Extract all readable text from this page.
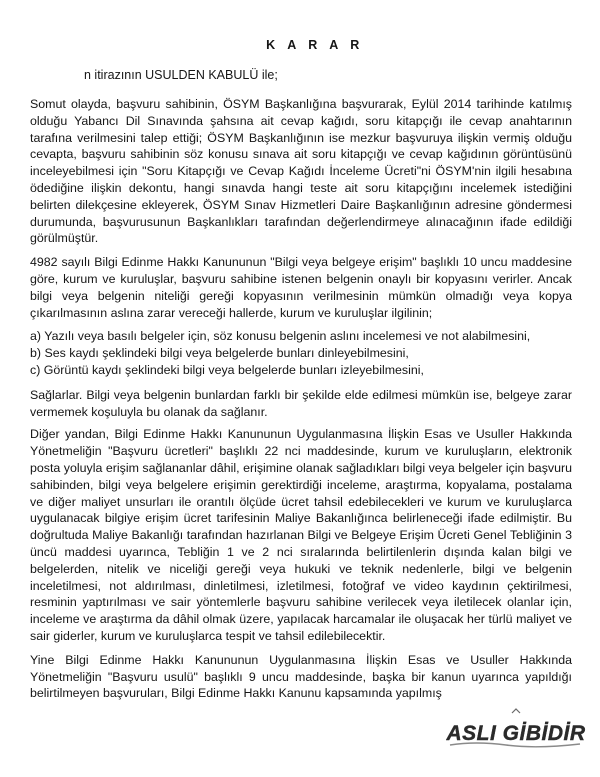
K A R A R
n itirazının USULDEN KABULÜ ile;

Somut olayda, başvuru sahibinin, ÖSYM Başkanlığına başvurarak, Eylül 2014 tarihinde katılmış olduğu Yabancı Dil Sınavında şahsına ait cevap kağıdı, soru kitapçığı ile cevap anahtarının tarafına verilmesini talep ettiği; ÖSYM Başkanlığının ise mezkur başvuruya ilişkin vermiş olduğu cevapta, başvuru sahibinin söz konusu sınava ait soru kitapçığı ve cevap kağıdının görüntüsünü inceleyebilmesi için "Soru Kitapçığı ve Cevap Kağıdı İnceleme Ücreti"ni ÖSYM'nin ilgili hesabına ödediğine ilişkin dekontu, hangi sınavda hangi teste ait soru kitapçığını incelemek istediğini belirten dilekçesine ekleyerek, ÖSYM Sınav Hizmetleri Daire Başkanlığının adresine göndermesi durumunda, başvurusunun Başkanlıkları tarafından değerlendirmeye alınacağının ifade edildiği görülmüştür.

4982 sayılı Bilgi Edinme Hakkı Kanununun "Bilgi veya belgeye erişim" başlıklı 10 uncu maddesine göre, kurum ve kuruluşlar, başvuru sahibine istenen belgenin onaylı bir kopyasını verirler. Ancak bilgi veya belgenin niteliği gereği kopyasının verilmesinin mümkün olmadığı veya kopya çıkarılmasının aslına zarar vereceği hallerde, kurum ve kuruluşlar ilgilinin;

a) Yazılı veya basılı belgeler için, söz konusu belgenin aslını incelemesi ve not alabilmesini,
b) Ses kaydı şeklindeki bilgi veya belgelerde bunları dinleyebilmesini,
c) Görüntü kaydı şeklindeki bilgi veya belgelerde bunları izleyebilmesini,

Sağlarlar. Bilgi veya belgenin bunlardan farklı bir şekilde elde edilmesi mümkün ise, belgeye zarar vermemek koşuluyla bu olanak da sağlanır.

Diğer yandan, Bilgi Edinme Hakkı Kanununun Uygulanmasına İlişkin Esas ve Usuller Hakkında Yönetmeliğin "Başvuru ücretleri" başlıklı 22 nci maddesinde, kurum ve kuruluşların, elektronik posta yoluyla erişim sağlananlar dâhil, erişimine olanak sağladıkları bilgi veya belgeler için başvuru sahibinden, bilgi veya belgelere erişimin gerektirdiği inceleme, araştırma, kopyalama, postalama ve diğer maliyet unsurları ile orantılı ölçüde ücret tahsil edebilecekleri ve kurum ve kuruluşlarca uygulanacak bilgiye erişim ücret tarifesinin Maliye Bakanlığınca belirleneceği ifade edilmiştir. Bu doğrultuda Maliye Bakanlığı tarafından hazırlanan Bilgi ve Belgeye Erişim Ücreti Genel Tebliğinin 3 üncü maddesi uyarınca, Tebliğin 1 ve 2 nci sıralarında belirtilenlerin dışında kalan bilgi ve belgelerden, nitelik ve niceliği gereği veya hukuki ve teknik nedenlerle, bilgi ve belgenin inceletilmesi, not aldırılması, dinletilmesi, izletilmesi, fotoğraf ve video kaydının çektirilmesi, resminin yaptırılması ve sair yöntemlerle başvuru sahibine verilecek veya iletilecek olanlar için, inceleme ve araştırma da dâhil olmak üzere, yapılacak harcamalar ile oluşacak her türlü maliyet ve sair giderler, kurum ve kuruluşlarca tespit ve tahsil edilebilecektir.

Yine Bilgi Edinme Hakkı Kanununun Uygulanmasına İlişkin Esas ve Usuller Hakkında Yönetmeliğin "Başvuru usulü" başlıklı 9 uncu maddesinde, başka bir kanun uyarınca yapıldığı belirtilmeyen başvuruları, Bilgi Edinme Hakkı Kanunu kapsamında yapılmış

ASLI GİBİDİR
